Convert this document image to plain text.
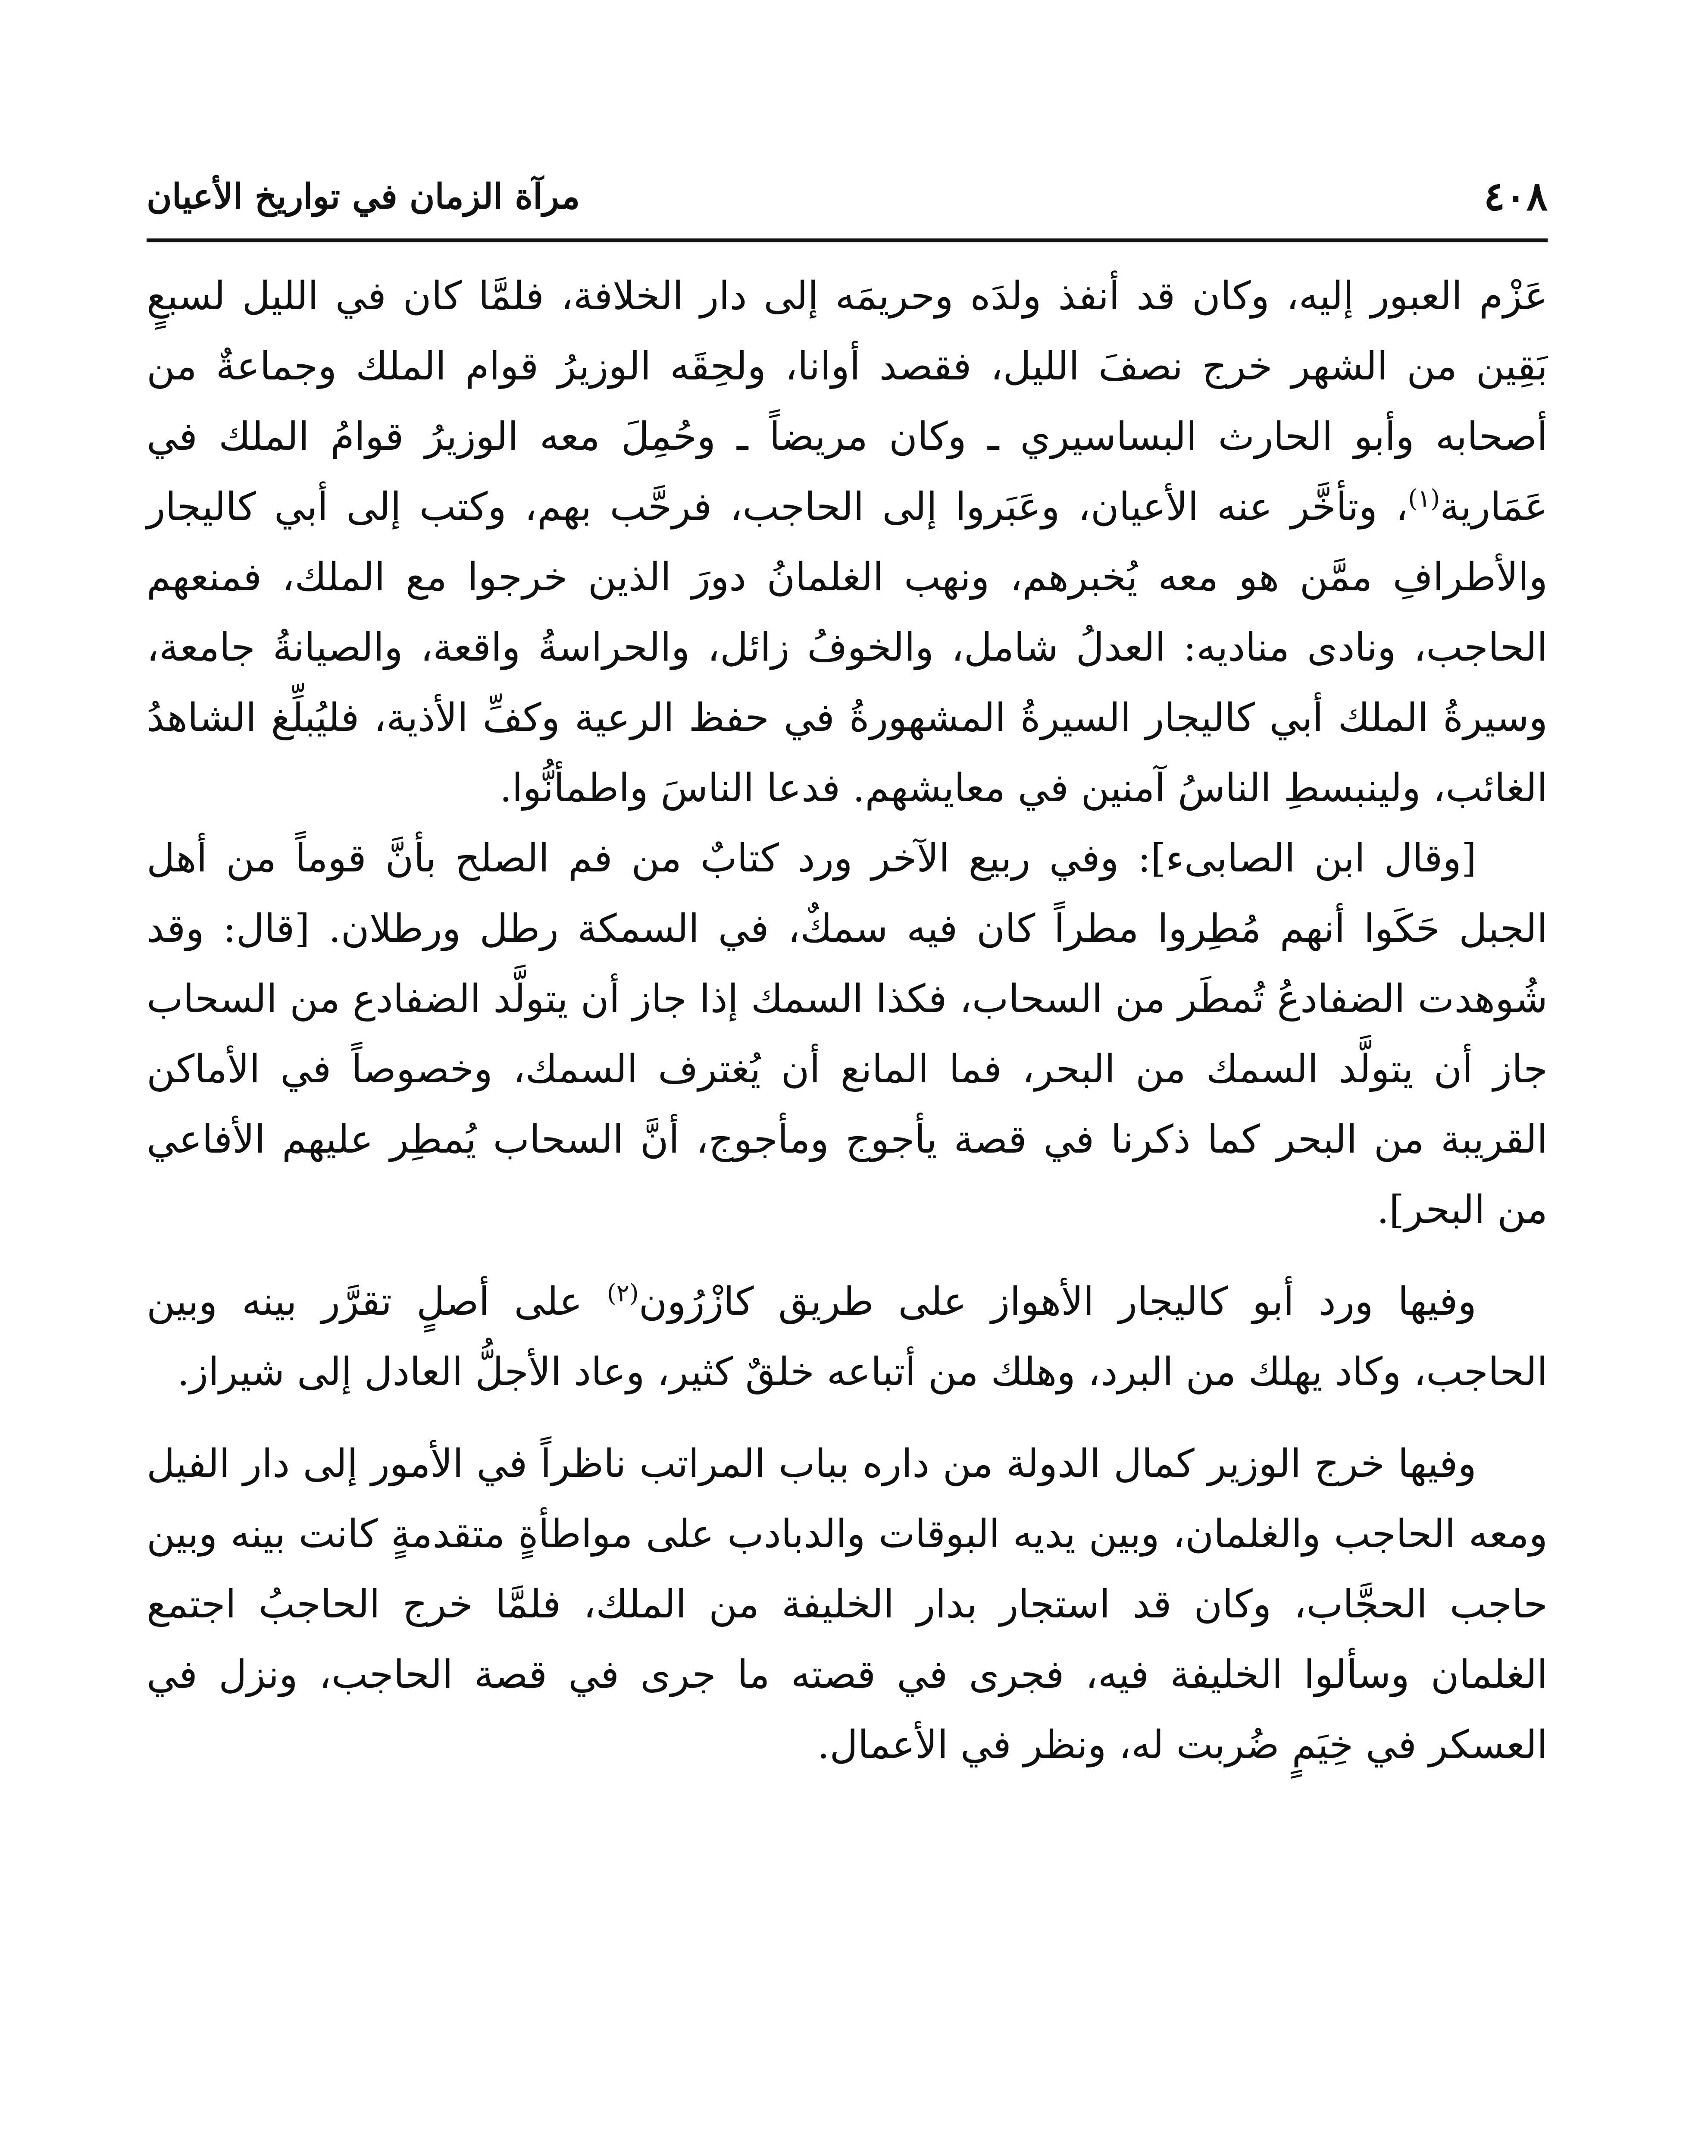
٤٠٨
مرآة الزمان في تواريخ الأعيان

عَزْم العبور إليه، وكان قد أنفذ ولدَه وحريمَه إلى دار الخلافة، فلمَّا كان في الليل لسبعٍ بَقِين من الشهر خرج نصفَ الليل، فقصد أوانا، ولحِقَه الوزيرُ قوام الملك وجماعةٌ من أصحابه وأبو الحارث البساسيري ـ وكان مريضاً ـ وحُمِلَ معه الوزيرُ قوامُ الملك في عَمَارية$^{(١)}$، وتأخَّر عنه الأعيان، وعَبَروا إلى الحاجب، فرحَّب بهم، وكتب إلى أبي كاليجار والأطرافِ ممَّن هو معه يُخبرهم، ونهب الغلمانُ دورَ الذين خرجوا مع الملك، فمنعهم الحاجب، ونادى مناديه: العدلُ شامل، والخوفُ زائل، والحراسةُ واقعة، والصيانةُ جامعة، وسيرةُ الملك أبي كاليجار السيرةُ المشهورةُ في حفظ الرعية وكفِّ الأذية، فليُبلِّغ الشاهدُ الغائب، ولينبسطِ الناسُ آمنين في معايشهم. فدعا الناسَ واطمأنُّوا.

[وقال ابن الصابىء]: وفي ربيع الآخر ورد كتابٌ من فم الصلح بأنَّ قوماً من أهل الجبل حَكَوا أنهم مُطِروا مطراً كان فيه سمكٌ، في السمكة رطل ورطلان. [قال: وقد شُوهدت الضفادعُ تُمطَر من السحاب، فكذا السمك إذا جاز أن يتولَّد الضفادع من السحاب جاز أن يتولَّد السمك من البحر، فما المانع أن يُغترف السمك، وخصوصاً في الأماكن القريبة من البحر كما ذكرنا في قصة يأجوج ومأجوج، أنَّ السحاب يُمطِر عليهم الأفاعي من البحر].

وفيها ورد أبو كاليجار الأهواز على طريق كازْرُون$^{(٢)}$ على أصلٍ تقرَّر بينه وبين الحاجب، وكاد يهلك من البرد، وهلك من أتباعه خلقٌ كثير، وعاد الأجلُّ العادل إلى شيراز.

وفيها خرج الوزير كمال الدولة من داره بباب المراتب ناظراً في الأمور إلى دار الفيل ومعه الحاجب والغلمان، وبين يديه البوقات والدبادب على مواطأةٍ متقدمةٍ كانت بينه وبين حاجب الحجَّاب، وكان قد استجار بدار الخليفة من الملك، فلمَّا خرج الحاجبُ اجتمع الغلمان وسألوا الخليفة فيه، فجرى في قصته ما جرى في قصة الحاجب، ونزل في العسكر في خِيَمٍ ضُربت له، ونظر في الأعمال.
